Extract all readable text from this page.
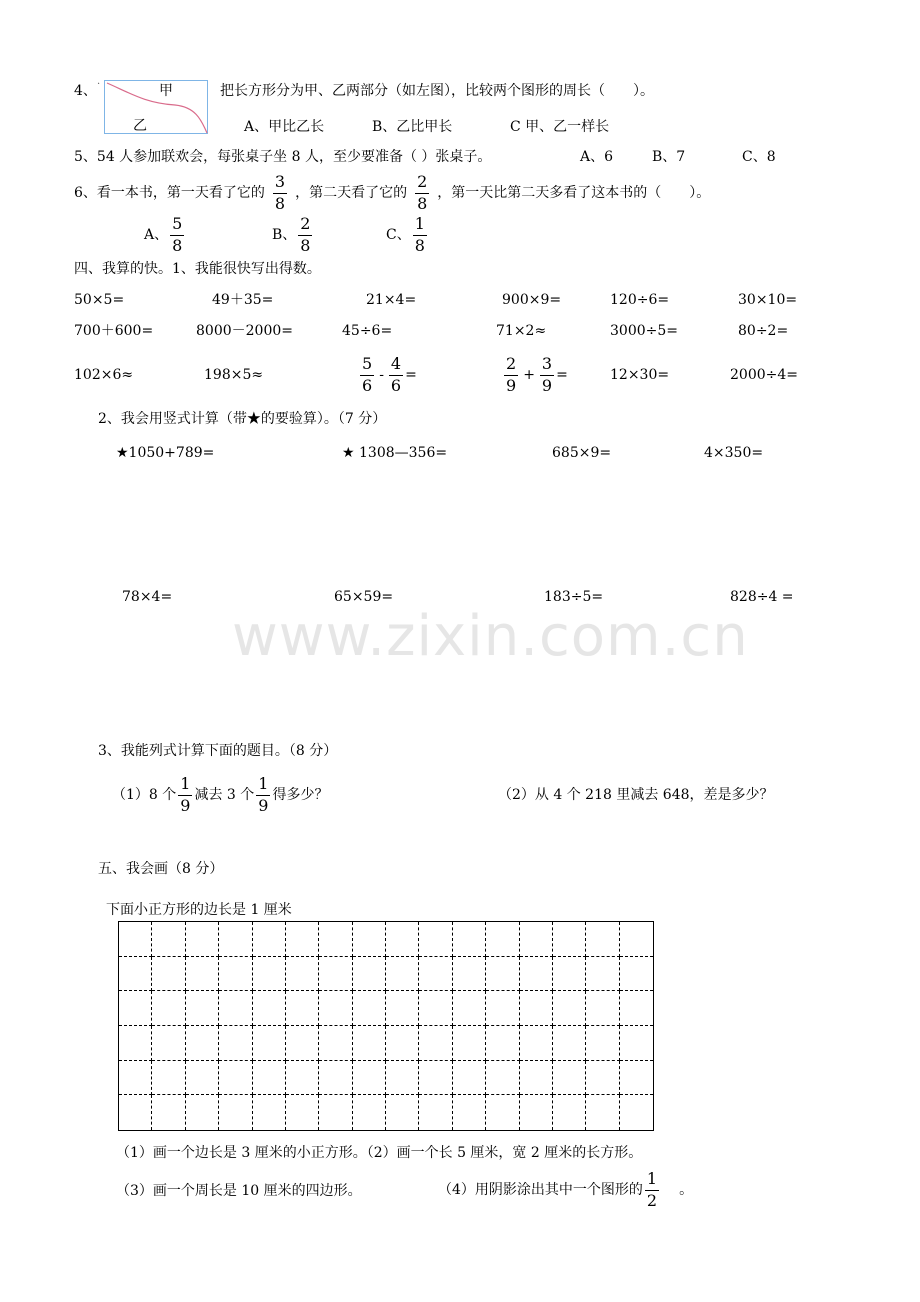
www.zixin.com.cn
4、 ·	甲
乙
把长方形分为甲、乙两部分（如左图），比较两个图形的周长（　　）。
A、甲比乙长	B、乙比甲长	C 甲、乙一样长
5、54 人参加联欢会，每张桌子坐 8 人，至少要准备（ ）张桌子。	A、6	B、7	C、8
6、看一本书，第一天看了它的 $\frac{3}{8}$ ，第二天看了它的 $\frac{2}{8}$ ，第一天比第二天多看了这本书的（　　）。
A、 $\frac{5}{8}$	B、 $\frac{2}{8}$	C、 $\frac{1}{8}$
四、我算的快。1、我能很快写出得数。
50×5=	49＋35=	21×4=	900×9=	120÷6=	30×10=
700＋600=	8000－2000=	45÷6=	71×2≈	3000÷5=	80÷2=
102×6≈	198×5≈	$\frac{5}{6} - \frac{4}{6}$ =	$\frac{2}{9} + \frac{3}{9}$ =	12×30=	2000÷4=
2、我会用竖式计算（带★的要验算）。（7 分）
★1050+789=	★ 1308—356=	685×9=	4×350=
78×4=	65×59=	183÷5=	828÷4 =
3、我能列式计算下面的题目。（8 分）
（1）8 个 $\frac{1}{9}$ 减去 3 个 $\frac{1}{9}$ 得多少？	（2）从 4 个 218 里减去 648，差是多少？
五、我会画（8 分）
下面小正方形的边长是 1 厘米
（1）画一个边长是 3 厘米的小正方形。（2）画一个长 5 厘米，宽 2 厘米的长方形。
（3）画一个周长是 10 厘米的四边形。	（4）用阴影涂出其中一个图形的 $\frac{1}{2}$ 。
